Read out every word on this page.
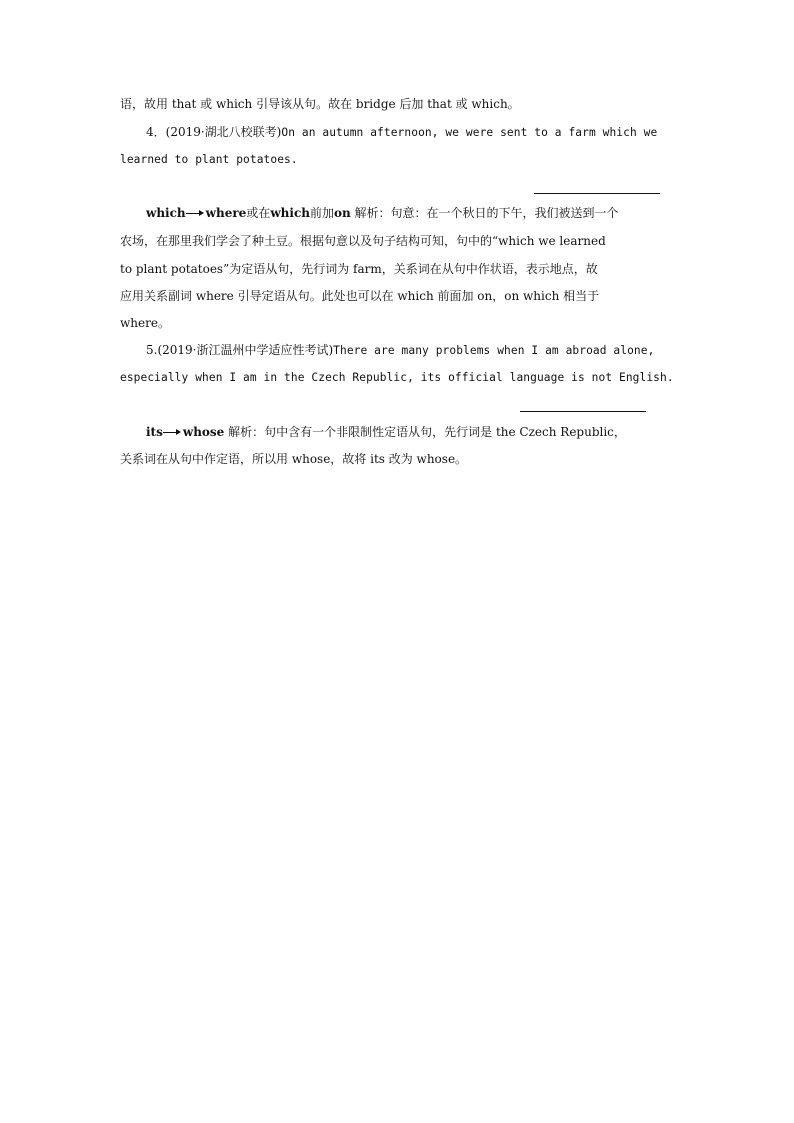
语，故用 that 或 which 引导该从句。故在 bridge 后加 that 或 which。
4．(2019·湖北八校联考)On an autumn afternoon, we were sent to a farm which we
learned to plant potatoes.
which where或在which前加on 解析：句意：在一个秋日的下午，我们被送到一个
农场，在那里我们学会了种土豆。根据句意以及句子结构可知，句中的“which we learned
to plant potatoes”为定语从句，先行词为 farm，关系词在从句中作状语，表示地点，故
应用关系副词 where 引导定语从句。此处也可以在 which 前面加 on，on which 相当于
where。
5.(2019·浙江温州中学适应性考试)There are many problems when I am abroad alone,
especially when I am in the Czech Republic, its official language is not English.
its whose 解析：句中含有一个非限制性定语从句，先行词是 the Czech Republic，
关系词在从句中作定语，所以用 whose，故将 its 改为 whose。
